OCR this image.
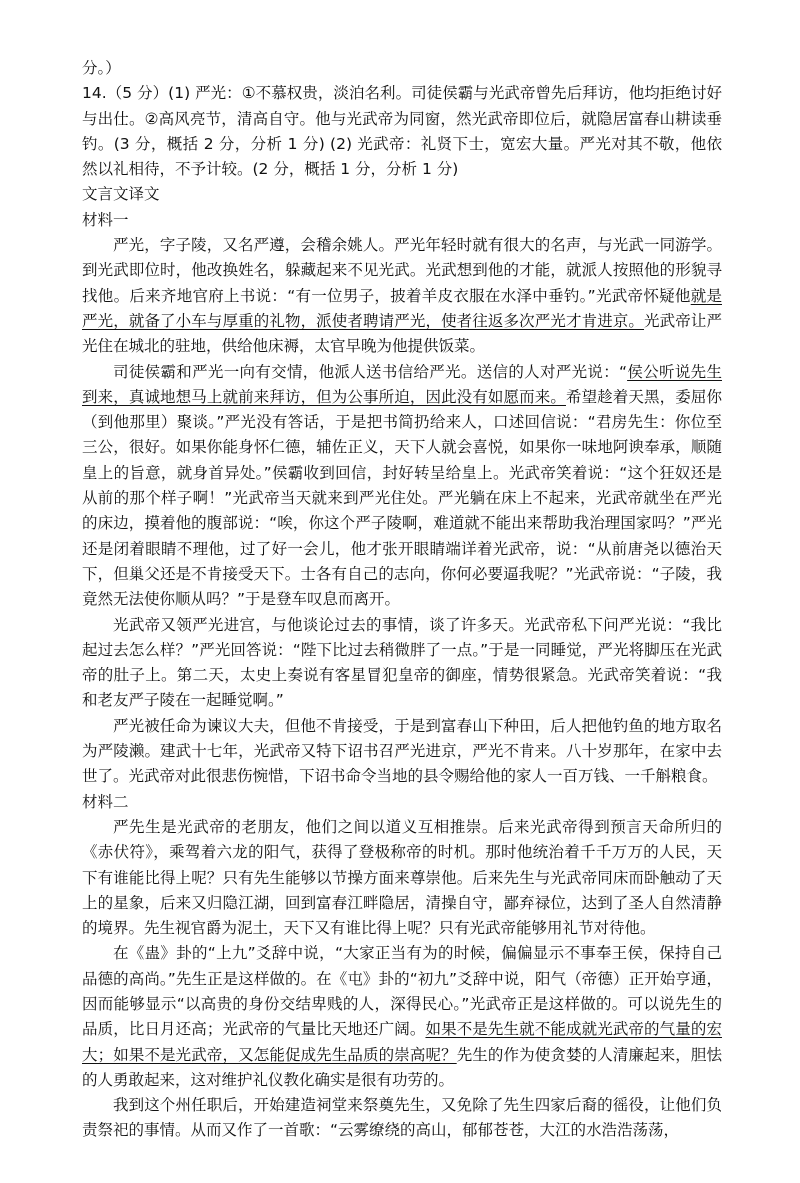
分。）

14.（5 分）(1) 严光：①不慕权贵，淡泊名利。司徒侯霸与光武帝曾先后拜访，他均拒绝讨好与出仕。②高风亮节，清高自守。他与光武帝为同窗，然光武帝即位后，就隐居富春山耕读垂钓。(3 分，概括 2 分，分析 1 分) (2) 光武帝：礼贤下士，宽宏大量。严光对其不敬，他依然以礼相待，不予计较。(2 分，概括 1 分，分析 1 分)

文言文译文
材料一

严光，字子陵，又名严遵，会稽余姚人。严光年轻时就有很大的名声，与光武一同游学。到光武即位时，他改换姓名，躲藏起来不见光武。光武想到他的才能，就派人按照他的形貌寻找他。后来齐地官府上书说：“有一位男子，披着羊皮衣服在水泽中垂钓。”光武帝怀疑他就是严光，就备了小车与厚重的礼物，派使者聘请严光，使者往返多次严光才肯进京。光武帝让严光住在城北的驻地，供给他床褥，太官早晚为他提供饭菜。

司徒侯霸和严光一向有交情，他派人送书信给严光。送信的人对严光说：“侯公听说先生到来，真诚地想马上就前来拜访，但为公事所迫，因此没有如愿而来。希望趁着天黑，委屈你（到他那里）聚谈。”严光没有答话，于是把书简扔给来人，口述回信说：“君房先生：你位至三公，很好。如果你能身怀仁德，辅佐正义，天下人就会喜悦，如果你一味地阿谀奉承，顺随皇上的旨意，就身首异处。”侯霸收到回信，封好转呈给皇上。光武帝笑着说：“这个狂奴还是从前的那个样子啊！”光武帝当天就来到严光住处。严光躺在床上不起来，光武帝就坐在严光的床边，摸着他的腹部说：“唉，你这个严子陵啊，难道就不能出来帮助我治理国家吗？”严光还是闭着眼睛不理他，过了好一会儿，他才张开眼睛端详着光武帝，说：“从前唐尧以德治天下，但巢父还是不肯接受天下。士各有自己的志向，你何必要逼我呢？”光武帝说：“子陵，我竟然无法使你顺从吗？”于是登车叹息而离开。

光武帝又领严光进宫，与他谈论过去的事情，谈了许多天。光武帝私下问严光说：“我比起过去怎么样？”严光回答说：“陛下比过去稍微胖了一点。”于是一同睡觉，严光将脚压在光武帝的肚子上。第二天，太史上奏说有客星冒犯皇帝的御座，情势很紧急。光武帝笑着说：“我和老友严子陵在一起睡觉啊。”

严光被任命为谏议大夫，但他不肯接受，于是到富春山下种田，后人把他钓鱼的地方取名为严陵濑。建武十七年，光武帝又特下诏书召严光进京，严光不肯来。八十岁那年，在家中去世了。光武帝对此很悲伤惋惜，下诏书命令当地的县令赐给他的家人一百万钱、一千斛粮食。

材料二

严先生是光武帝的老朋友，他们之间以道义互相推崇。后来光武帝得到预言天命所归的《赤伏符》，乘驾着六龙的阳气，获得了登极称帝的时机。那时他统治着千千万万的人民，天下有谁能比得上呢？只有先生能够以节操方面来尊崇他。后来先生与光武帝同床而卧触动了天上的星象，后来又归隐江湖，回到富春江畔隐居，清操自守，鄙弃禄位，达到了圣人自然清静的境界。先生视官爵为泥土，天下又有谁比得上呢？只有光武帝能够用礼节对待他。

在《蛊》卦的“上九”爻辞中说，“大家正当有为的时候，偏偏显示不事奉王侯，保持自己品德的高尚。”先生正是这样做的。在《屯》卦的“初九”爻辞中说，阳气（帝德）正开始亨通，因而能够显示“以高贵的身份交结卑贱的人，深得民心。”光武帝正是这样做的。可以说先生的品质，比日月还高；光武帝的气量比天地还广阔。如果不是先生就不能成就光武帝的气量的宏大；如果不是光武帝，又怎能促成先生品质的崇高呢？先生的作为使贪婪的人清廉起来，胆怯的人勇敢起来，这对维护礼仪教化确实是很有功劳的。

我到这个州任职后，开始建造祠堂来祭奠先生，又免除了先生四家后裔的徭役，让他们负责祭祀的事情。从而又作了一首歌：“云雾缭绕的高山，郁郁苍苍，大江的水浩浩荡荡，
